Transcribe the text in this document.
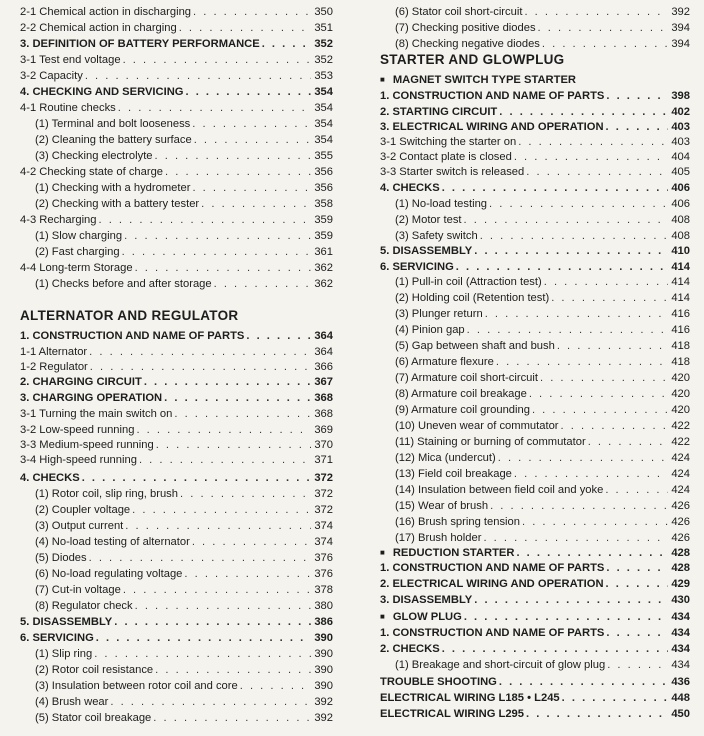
2-1 Chemical action in discharging . . .	350
2-2 Chemical action in charging . . .	351
3. DEFINITION OF BATTERY PERFORMANCE . . .	352
3-1 Test end voltage . . .	352
3-2 Capacity . . .	353
4. CHECKING AND SERVICING . . .	354
4-1 Routine checks . . .	354
(1) Terminal and bolt looseness . . .	354
(2) Cleaning the battery surface . . .	354
(3) Checking electrolyte . . .	355
4-2 Checking state of charge . . .	356
(1) Checking with a hydrometer . . .	356
(2) Checking with a battery tester . . .	358
4-3 Recharging . . .	359
(1) Slow charging . . .	359
(2) Fast charging . . .	361
4-4 Long-term Storage . . .	362
(1) Checks before and after storage . . .	362
ALTERNATOR AND REGULATOR
1. CONSTRUCTION AND NAME OF PARTS . . .	364
1-1 Alternator . . .	364
1-2 Regulator . . .	366
2. CHARGING CIRCUIT . . .	367
3. CHARGING OPERATION . . .	368
3-1 Turning the main switch on . . .	368
3-2 Low-speed running . . .	369
3-3 Medium-speed running . . .	370
3-4 High-speed running . . .	371
4. CHECKS . . .	372
(1) Rotor coil, slip ring, brush . . .	372
(2) Coupler voltage . . .	372
(3) Output current . . .	374
(4) No-load testing of alternator . . .	374
(5) Diodes . . .	376
(6) No-load regulating voltage . . .	376
(7) Cut-in voltage . . .	378
(8) Regulator check . . .	380
5. DISASSEMBLY . . .	386
6. SERVICING . . .	390
(1) Slip ring . . .	390
(2) Rotor coil resistance . . .	390
(3) Insulation between rotor coil and core . . .	390
(4) Brush wear . . .	392
(5) Stator coil breakage . . .	392
(6) Stator coil short-circuit . . .	392
(7) Checking positive diodes . . .	394
(8) Checking negative diodes . . .	394
STARTER AND GLOWPLUG
■ MAGNET SWITCH TYPE STARTER
1. CONSTRUCTION AND NAME OF PARTS . . .	398
2. STARTING CIRCUIT . . .	402
3. ELECTRICAL WIRING AND OPERATION . . .	403
3-1 Switching the starter on . . .	403
3-2 Contact plate is closed . . .	404
3-3 Starter switch is released . . .	405
4. CHECKS . . .	406
(1) No-load testing . . .	406
(2) Motor test . . .	408
(3) Safety switch . . .	408
5. DISASSEMBLY . . .	410
6. SERVICING . . .	414
(1) Pull-in coil (Attraction test) . . .	414
(2) Holding coil (Retention test) . . .	414
(3) Plunger return . . .	416
(4) Pinion gap . . .	416
(5) Gap between shaft and bush . . .	418
(6) Armature flexure . . .	418
(7) Armature coil short-circuit . . .	420
(8) Armature coil breakage . . .	420
(9) Armature coil grounding . . .	420
(10) Uneven wear of commutator . . .	422
(11) Staining or burning of commutator . . .	422
(12) Mica (undercut) . . .	424
(13) Field coil breakage . . .	424
(14) Insulation between field coil and yoke . . .	424
(15) Wear of brush . . .	426
(16) Brush spring tension . . .	426
(17) Brush holder . . .	426
■ REDUCTION STARTER . . .	428
1. CONSTRUCTION AND NAME OF PARTS . . .	428
2. ELECTRICAL WIRING AND OPERATION . . .	429
3. DISASSEMBLY . . .	430
■ GLOW PLUG . . .	434
1. CONSTRUCTION AND NAME OF PARTS . . .	434
2. CHECKS . . .	434
(1) Breakage and short-circuit of glow plug . . .	434
TROUBLE SHOOTING . . .	436
ELECTRICAL WIRING L185 • L245 . . .	448
ELECTRICAL WIRING L295 . . .	450
